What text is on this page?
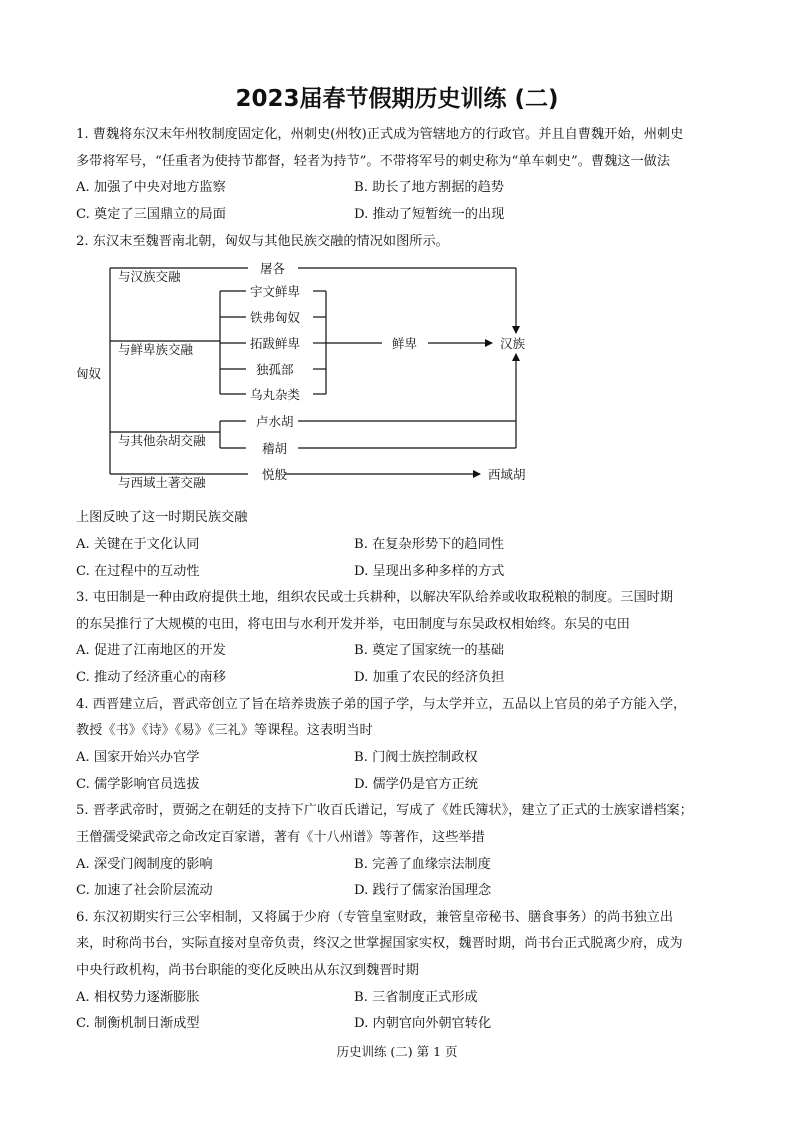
2023届春节假期历史训练 (二)
1. 曹魏将东汉末年州牧制度固定化，州刺史(州牧)正式成为管辖地方的行政官。并且自曹魏开始，州刺史
多带将军号，“任重者为使持节都督，轻者为持节”。不带将军号的刺史称为“单车刺史”。曹魏这一做法
A. 加强了中央对地方监察	B. 助长了地方割据的趋势
C. 奠定了三国鼎立的局面	D. 推动了短暂统一的出现
2. 东汉末至魏晋南北朝，匈奴与其他民族交融的情况如图所示。
匈奴
与汉族交融
与鲜卑族交融
与其他杂胡交融
与西域土著交融
屠各
宇文鲜卑
铁弗匈奴
拓跋鲜卑
独孤部
乌丸杂类
卢水胡
稽胡
悦般
鲜卑	汉族
西域胡
上图反映了这一时期民族交融
A. 关键在于文化认同	B. 在复杂形势下的趋同性
C. 在过程中的互动性	D. 呈现出多种多样的方式
3. 屯田制是一种由政府提供土地，组织农民或士兵耕种，以解决军队给养或收取税粮的制度。三国时期
的东吴推行了大规模的屯田，将屯田与水利开发并举，屯田制度与东吴政权相始终。东吴的屯田
A. 促进了江南地区的开发	B. 奠定了国家统一的基础
C. 推动了经济重心的南移	D. 加重了农民的经济负担
4. 西晋建立后，晋武帝创立了旨在培养贵族子弟的国子学，与太学并立，五品以上官员的弟子方能入学，
教授《书》《诗》《易》《三礼》等课程。这表明当时
A. 国家开始兴办官学	B. 门阀士族控制政权
C. 儒学影响官员选拔	D. 儒学仍是官方正统
5. 晋孝武帝时，贾弼之在朝廷的支持下广收百氏谱记，写成了《姓氏簿状》，建立了正式的士族家谱档案；
王僧孺受梁武帝之命改定百家谱，著有《十八州谱》等著作，这些举措
A. 深受门阀制度的影响	B. 完善了血缘宗法制度
C. 加速了社会阶层流动	D. 践行了儒家治国理念
6. 东汉初期实行三公宰相制，又将属于少府（专管皇室财政，兼管皇帝秘书、膳食事务）的尚书独立出
来，时称尚书台，实际直接对皇帝负责，终汉之世掌握国家实权，魏晋时期，尚书台正式脱离少府，成为
中央行政机构，尚书台职能的变化反映出从东汉到魏晋时期
A. 相权势力逐渐膨胀	B. 三省制度正式形成
C. 制衡机制日渐成型	D. 内朝官向外朝官转化
历史训练 (二) 第 1 页
